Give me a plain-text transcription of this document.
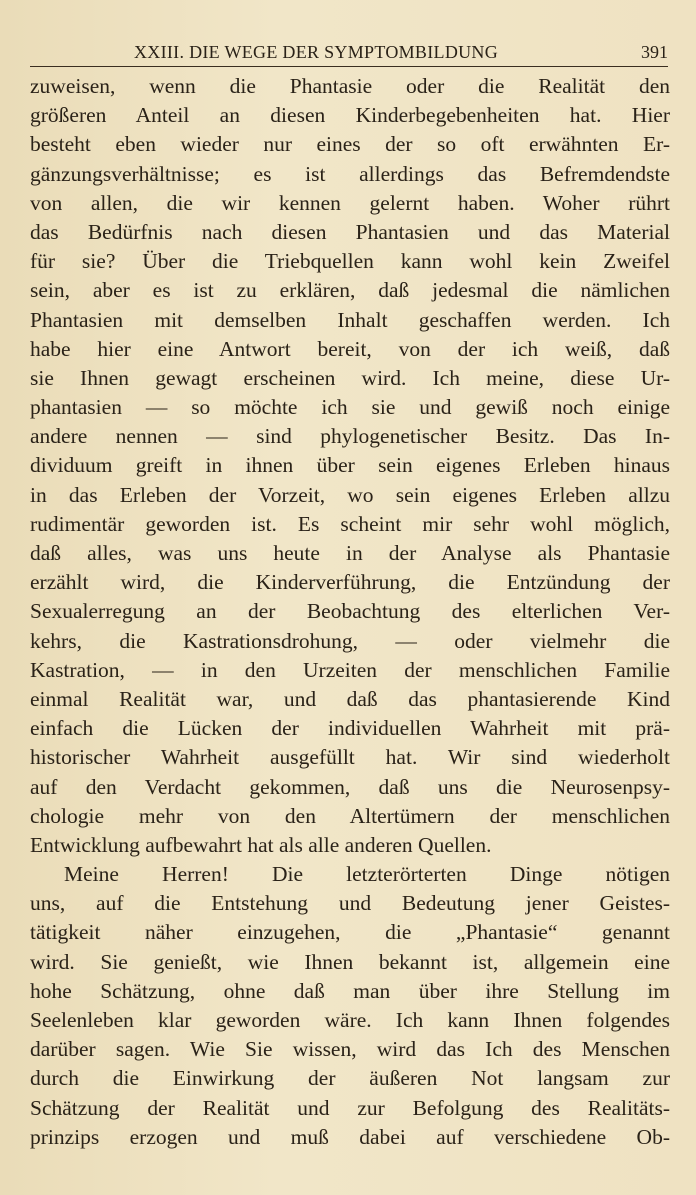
XXIII. DIE WEGE DER SYMPTOMBILDUNG	391
zuweisen, wenn die Phantasie oder die Realität den
größeren Anteil an diesen Kinderbegebenheiten hat. Hier
besteht eben wieder nur eines der so oft erwähnten Er-
gänzungsverhältnisse; es ist allerdings das Befremdendste
von allen, die wir kennen gelernt haben. Woher rührt
das Bedürfnis nach diesen Phantasien und das Material
für sie? Über die Triebquellen kann wohl kein Zweifel
sein, aber es ist zu erklären, daß jedesmal die nämlichen
Phantasien mit demselben Inhalt geschaffen werden. Ich
habe hier eine Antwort bereit, von der ich weiß, daß
sie Ihnen gewagt erscheinen wird. Ich meine, diese Ur-
phantasien — so möchte ich sie und gewiß noch einige
andere nennen — sind phylogenetischer Besitz. Das In-
dividuum greift in ihnen über sein eigenes Erleben hinaus
in das Erleben der Vorzeit, wo sein eigenes Erleben allzu
rudimentär geworden ist. Es scheint mir sehr wohl möglich,
daß alles, was uns heute in der Analyse als Phantasie
erzählt wird, die Kinderverführung, die Entzündung der
Sexualerregung an der Beobachtung des elterlichen Ver-
kehrs, die Kastrationsdrohung, — oder vielmehr die
Kastration, — in den Urzeiten der menschlichen Familie
einmal Realität war, und daß das phantasierende Kind
einfach die Lücken der individuellen Wahrheit mit prä-
historischer Wahrheit ausgefüllt hat. Wir sind wiederholt
auf den Verdacht gekommen, daß uns die Neurosenpsy-
chologie mehr von den Altertümern der menschlichen
Entwicklung aufbewahrt hat als alle anderen Quellen.
Meine Herren! Die letzterörterten Dinge nötigen
uns, auf die Entstehung und Bedeutung jener Geistes-
tätigkeit näher einzugehen, die „Phantasie“ genannt
wird. Sie genießt, wie Ihnen bekannt ist, allgemein eine
hohe Schätzung, ohne daß man über ihre Stellung im
Seelenleben klar geworden wäre. Ich kann Ihnen folgendes
darüber sagen. Wie Sie wissen, wird das Ich des Menschen
durch die Einwirkung der äußeren Not langsam zur
Schätzung der Realität und zur Befolgung des Realitäts-
prinzips erzogen und muß dabei auf verschiedene Ob-
